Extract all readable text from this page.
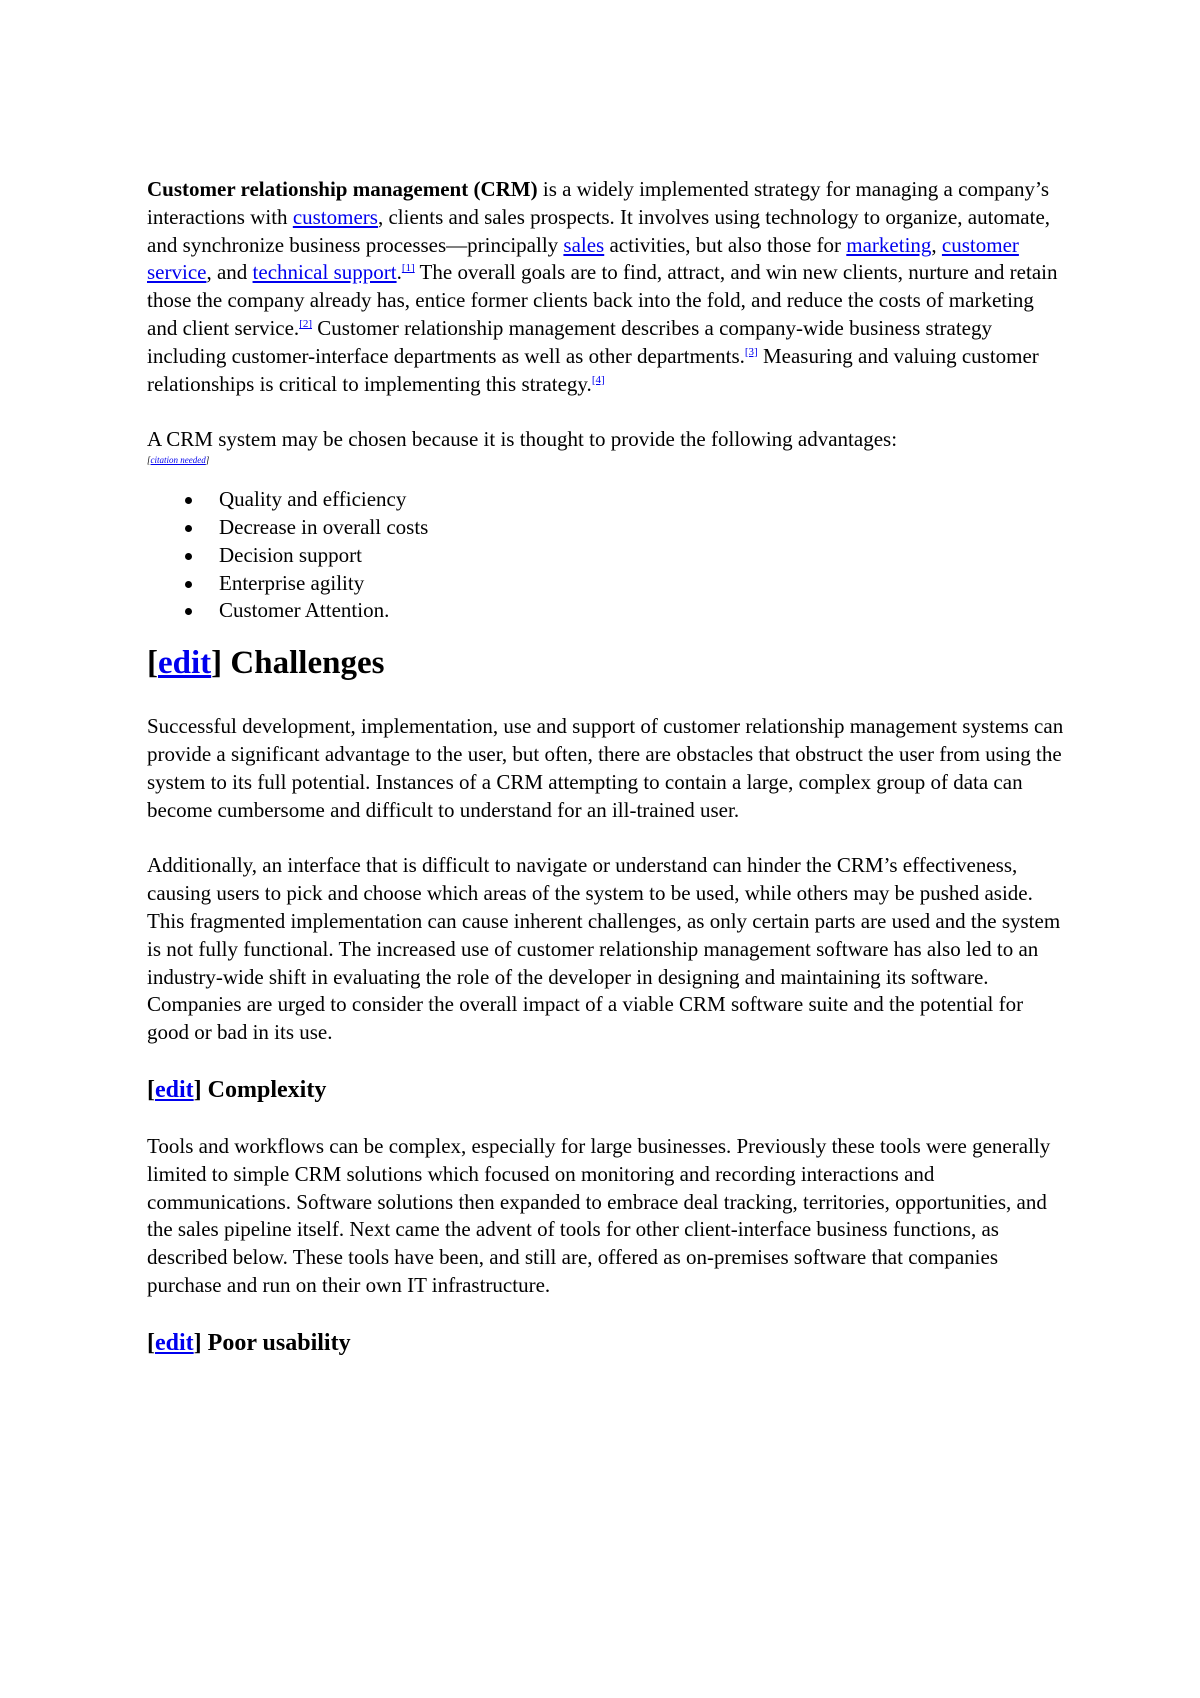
Customer relationship management (CRM) is a widely implemented strategy for managing a company’s interactions with customers, clients and sales prospects. It involves using technology to organize, automate, and synchronize business processes—principally sales activities, but also those for marketing, customer service, and technical support.[1] The overall goals are to find, attract, and win new clients, nurture and retain those the company already has, entice former clients back into the fold, and reduce the costs of marketing and client service.[2] Customer relationship management describes a company-wide business strategy including customer-interface departments as well as other departments.[3] Measuring and valuing customer relationships is critical to implementing this strategy.[4]

A CRM system may be chosen because it is thought to provide the following advantages:
[citation needed]

Quality and efficiency
Decrease in overall costs
Decision support
Enterprise agility
Customer Attention.
[edit] Challenges

Successful development, implementation, use and support of customer relationship management systems can provide a significant advantage to the user, but often, there are obstacles that obstruct the user from using the system to its full potential. Instances of a CRM attempting to contain a large, complex group of data can become cumbersome and difficult to understand for an ill-trained user.

Additionally, an interface that is difficult to navigate or understand can hinder the CRM’s effectiveness, causing users to pick and choose which areas of the system to be used, while others may be pushed aside. This fragmented implementation can cause inherent challenges, as only certain parts are used and the system is not fully functional. The increased use of customer relationship management software has also led to an industry-wide shift in evaluating the role of the developer in designing and maintaining its software. Companies are urged to consider the overall impact of a viable CRM software suite and the potential for good or bad in its use.

[edit] Complexity

Tools and workflows can be complex, especially for large businesses. Previously these tools were generally limited to simple CRM solutions which focused on monitoring and recording interactions and communications. Software solutions then expanded to embrace deal tracking, territories, opportunities, and the sales pipeline itself. Next came the advent of tools for other client-interface business functions, as described below. These tools have been, and still are, offered as on-premises software that companies purchase and run on their own IT infrastructure.

[edit] Poor usability
